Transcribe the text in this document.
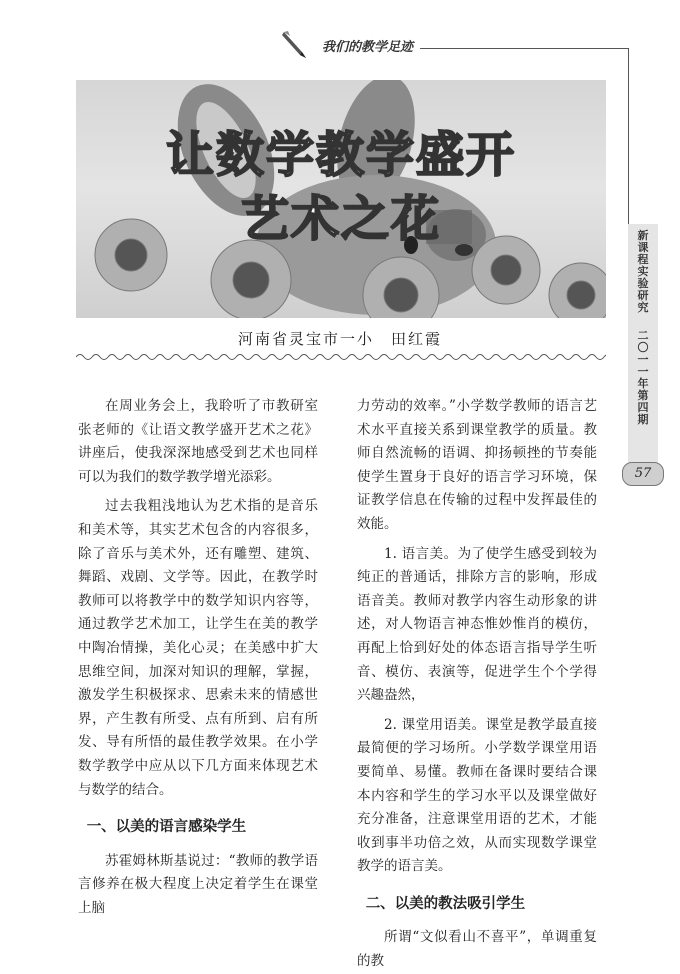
我们的教学足迹
让数学教学盛开
艺术之花
河南省灵宝市一小　田红霞
新课程实验研究
二〇一一年第四期
57

在周业务会上，我聆听了市教研室张老师的《让语文教学盛开艺术之花》讲座后，使我深深地感受到艺术也同样可以为我们的数学教学增光添彩。

过去我粗浅地认为艺术指的是音乐和美术等，其实艺术包含的内容很多，除了音乐与美术外，还有雕塑、建筑、舞蹈、戏剧、文学等。因此，在教学时教师可以将教学中的数学知识内容等，通过教学艺术加工，让学生在美的教学中陶冶情操，美化心灵；在美感中扩大思维空间，加深对知识的理解，掌握，激发学生积极探求、思索未来的情感世界，产生教有所受、点有所到、启有所发、导有所悟的最佳教学效果。在小学数学教学中应从以下几方面来体现艺术与数学的结合。

一、以美的语言感染学生

苏霍姆林斯基说过：“教师的教学语言修养在极大程度上决定着学生在课堂上脑

力劳动的效率。”小学数学教师的语言艺术水平直接关系到课堂教学的质量。教师自然流畅的语调、抑扬顿挫的节奏能使学生置身于良好的语言学习环境，保证教学信息在传输的过程中发挥最佳的效能。

1. 语言美。为了使学生感受到较为纯正的普通话，排除方言的影响，形成语音美。教师对教学内容生动形象的讲述，对人物语言神态惟妙惟肖的模仿，再配上恰到好处的体态语言指导学生听音、模仿、表演等，促进学生个个学得兴趣盎然，

2. 课堂用语美。课堂是教学最直接最简便的学习场所。小学数学课堂用语要简单、易懂。教师在备课时要结合课本内容和学生的学习水平以及课堂做好充分准备，注意课堂用语的艺术，才能收到事半功倍之效，从而实现数学课堂教学的语言美。

二、以美的教法吸引学生

所谓“文似看山不喜平”，单调重复的教
